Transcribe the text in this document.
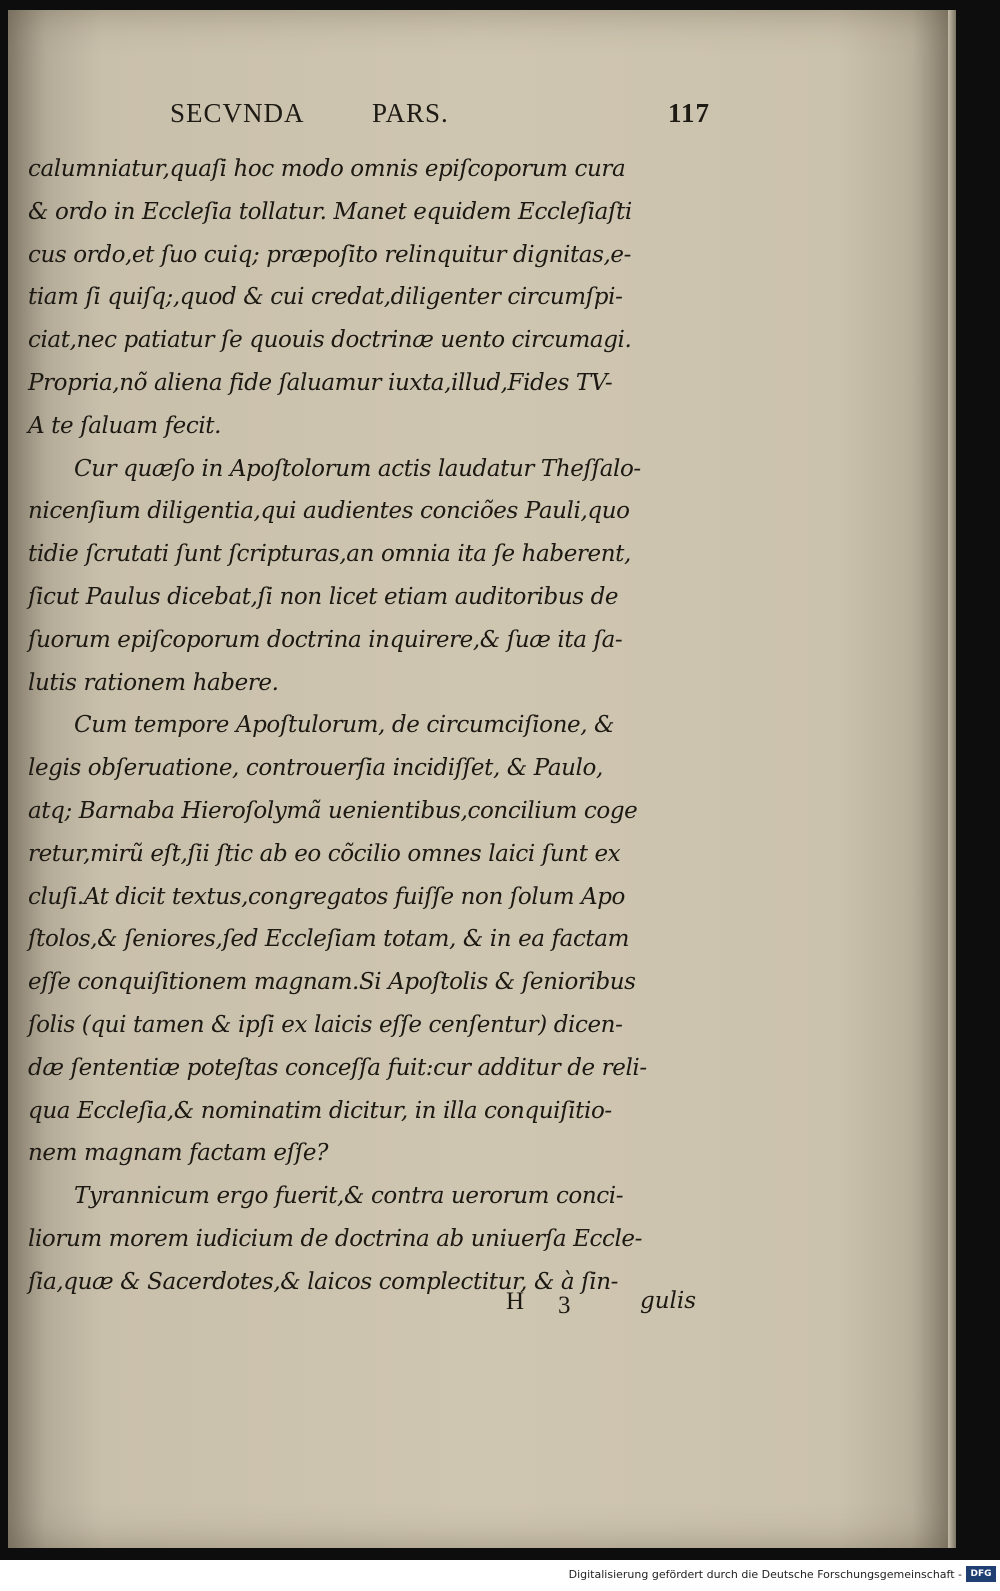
SECVNDA PARS.	117
calumniatur,quaſi hoc modo omnis epiſcoporum cura
& ordo in Eccleſia tollatur. Manet equidem Eccleſiaſti
cus ordo,et ſuo cuiq; præpoſito relinquitur dignitas,e-
tiam ſi quiſq;,quod & cui credat,diligenter circumſpi-
ciat,nec patiatur ſe quouis doctrinæ uento circumagi.
Propria,nõ aliena fide ſaluamur iuxta,illud,Fides TV-
A te ſaluam fecit.
Cur quæſo in Apoſtolorum actis laudatur Theſſalo-
nicenſium diligentia,qui audientes conciões Pauli,quo
tidie ſcrutati ſunt ſcripturas,an omnia ita ſe haberent,
ſicut Paulus dicebat,ſi non licet etiam auditoribus de
ſuorum epiſcoporum doctrina inquirere,& ſuæ ita ſa-
lutis rationem habere.
Cum tempore Apoſtulorum, de circumciſione, &
legis obſeruatione, controuerſia incidiſſet, & Paulo,
atq; Barnaba Hieroſolymã uenientibus,concilium coge
retur,mirũ eſt,ſii ſtic ab eo cõcilio omnes laici ſunt ex
cluſi.At dicit textus,congregatos fuiſſe non ſolum Apo
ſtolos,& ſeniores,ſed Eccleſiam totam, & in ea factam
eſſe conquiſitionem magnam.Si Apoſtolis & ſenioribus
ſolis (qui tamen & ipſi ex laicis eſſe cenſentur) dicen-
dæ ſententiæ poteſtas conceſſa fuit:cur additur de reli-
qua Eccleſia,& nominatim dicitur, in illa conquiſitio-
nem magnam factam eſſe?
Tyrannicum ergo fuerit,& contra uerorum conci-
liorum morem iudicium de doctrina ab uniuerſa Eccle-
ſia,quæ & Sacerdotes,& laicos complectitur, & à ſin-
H 3	gulis
Digitalisierung gefördert durch die Deutsche Forschungsgemeinschaft - DFG
